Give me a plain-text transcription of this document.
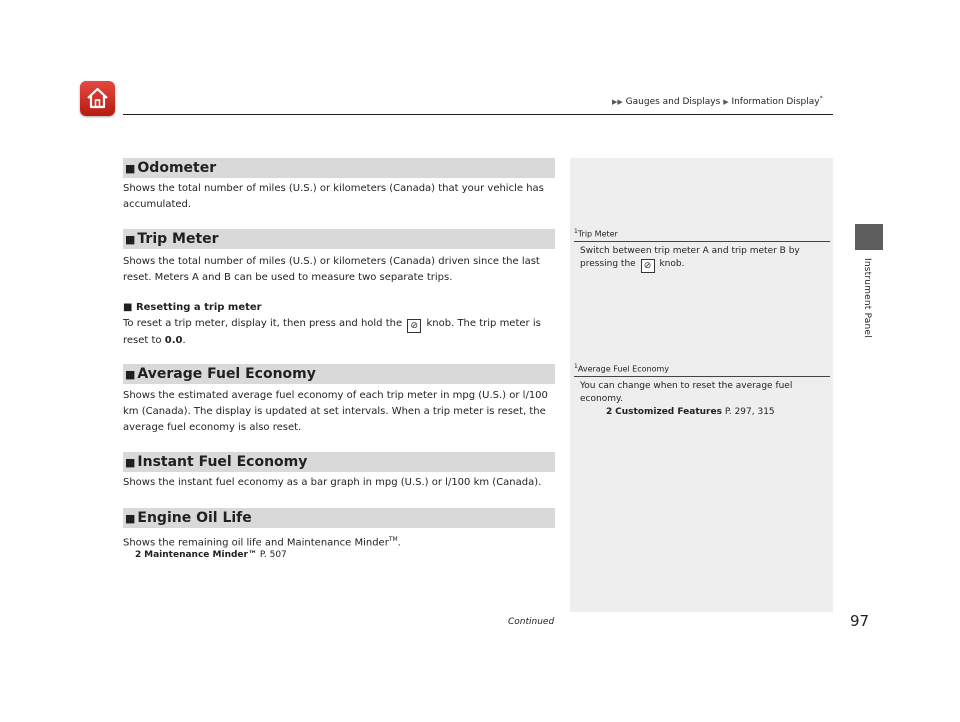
▶▶ Gauges and Displays ▶ Information Display*
Instrument Panel
■ Odometer
Shows the total number of miles (U.S.) or kilometers (Canada) that your vehicle has accumulated.
■ Trip Meter
Shows the total number of miles (U.S.) or kilometers (Canada) driven since the last reset. Meters A and B can be used to measure two separate trips.
■ Resetting a trip meter
To reset a trip meter, display it, then press and hold the ⊘ knob. The trip meter is reset to 0.0.
■ Average Fuel Economy
Shows the estimated average fuel economy of each trip meter in mpg (U.S.) or l/100 km (Canada). The display is updated at set intervals. When a trip meter is reset, the average fuel economy is also reset.
■ Instant Fuel Economy
Shows the instant fuel economy as a bar graph in mpg (U.S.) or l/100 km (Canada).
■ Engine Oil Life
Shows the remaining oil life and Maintenance Minder™.
2 Maintenance Minder™ P. 507
$^1$Trip Meter
Switch between trip meter A and trip meter B by pressing the ⊘ knob.
$^1$Average Fuel Economy
You can change when to reset the average fuel economy.
2 Customized Features P. 297, 315
Continued	97
